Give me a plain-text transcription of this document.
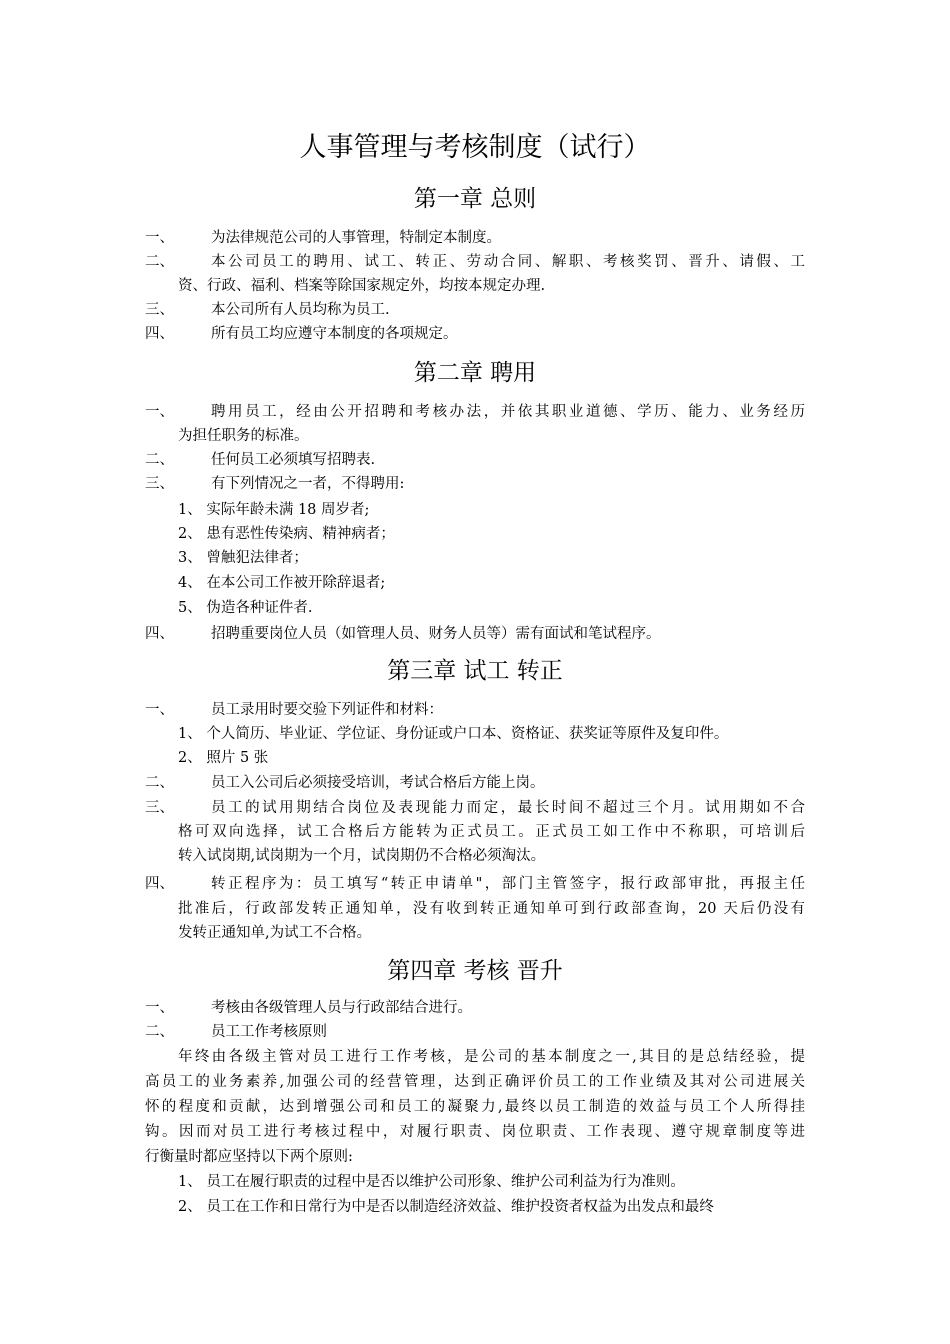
人事管理与考核制度（试行）
第一章 总则
一、	为法律规范公司的人事管理，特制定本制度。
二、	本公司员工的聘用、试工、转正、劳动合同、解职、考核奖罚、晋升、请假、工
资、行政、福利、档案等除国家规定外，均按本规定办理.
三、	本公司所有人员均称为员工.
四、	所有员工均应遵守本制度的各项规定。
第二章 聘用
一、	聘用员工，经由公开招聘和考核办法，并依其职业道德、学历、能力、业务经历
为担任职务的标准。
二、	任何员工必须填写招聘表.
三、	有下列情况之一者，不得聘用:
1、 实际年龄未满 18 周岁者;
2、 患有恶性传染病、精神病者；
3、 曾触犯法律者；
4、 在本公司工作被开除辞退者;
5、 伪造各种证件者.
四、	招聘重要岗位人员（如管理人员、财务人员等）需有面试和笔试程序。
第三章 试工 转正
一、	员工录用时要交验下列证件和材料：
1、 个人简历、毕业证、学位证、身份证或户口本、资格证、获奖证等原件及复印件。
2、 照片 5 张
二、	员工入公司后必须接受培训，考试合格后方能上岗。
三、	员工的试用期结合岗位及表现能力而定，最长时间不超过三个月。试用期如不合
格可双向选择，试工合格后方能转为正式员工。正式员工如工作中不称职，可培训后
转入试岗期,试岗期为一个月，试岗期仍不合格必须淘汰。
四、	转正程序为：员工填写“转正申请单"，部门主管签字，报行政部审批，再报主任
批准后，行政部发转正通知单，没有收到转正通知单可到行政部查询，20 天后仍没有
发转正通知单,为试工不合格。
第四章 考核 晋升
一、	考核由各级管理人员与行政部结合进行。
二、	员工工作考核原则
年终由各级主管对员工进行工作考核，是公司的基本制度之一,其目的是总结经验，提
高员工的业务素养,加强公司的经营管理，达到正确评价员工的工作业绩及其对公司进展关
怀的程度和贡献，达到增强公司和员工的凝聚力,最终以员工制造的效益与员工个人所得挂
钩。因而对员工进行考核过程中，对履行职责、岗位职责、工作表现、遵守规章制度等进
行衡量时都应坚持以下两个原则:
1、 员工在履行职责的过程中是否以维护公司形象、维护公司利益为行为准则。
2、 员工在工作和日常行为中是否以制造经济效益、维护投资者权益为出发点和最终
